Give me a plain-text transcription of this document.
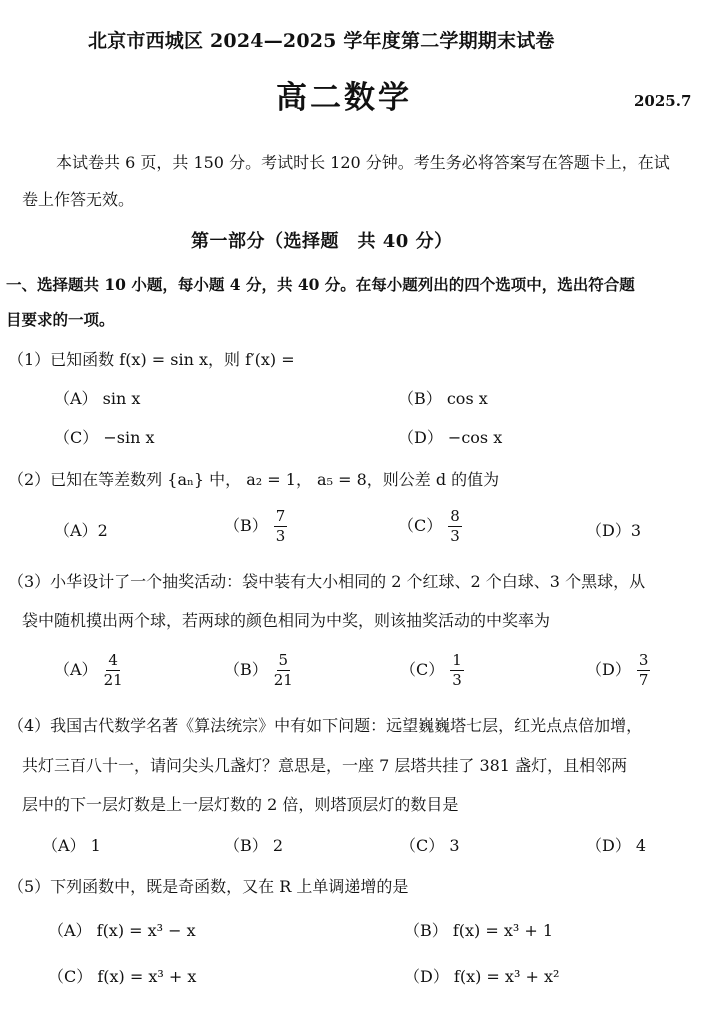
北京市西城区 2024—2025 学年度第二学期期末试卷
高二数学	2025.7
本试卷共 6 页，共 150 分。考试时长 120 分钟。考生务必将答案写在答题卡上，在试
卷上作答无效。
第一部分（选择题　共 40 分）
一、选择题共 10 小题，每小题 4 分，共 40 分。在每小题列出的四个选项中，选出符合题
目要求的一项。
（1）已知函数 f(x) = sin x，则 f′(x) =
（A） sin x	（B） cos x
（C） −sin x	（D） −cos x
（2）已知在等差数列 {aₙ} 中， a₂ = 1， a₅ = 8，则公差 d 的值为
（A）2	$(B) \frac{7}{3}$	$(C) \frac{8}{3}$	（D）3
（3）小华设计了一个抽奖活动：袋中装有大小相同的 2 个红球、2 个白球、3 个黑球，从
袋中随机摸出两个球，若两球的颜色相同为中奖，则该抽奖活动的中奖率为
$(A) \frac{4}{21}$	$(B) \frac{5}{21}$	$(C) \frac{1}{3}$	$(D) \frac{3}{7}$
（4）我国古代数学名著《算法统宗》中有如下问题：远望巍巍塔七层，红光点点倍加增，
共灯三百八十一，请问尖头几盏灯？意思是，一座 7 层塔共挂了 381 盏灯，且相邻两
层中的下一层灯数是上一层灯数的 2 倍，则塔顶层灯的数目是
（A） 1	（B） 2	（C） 3	（D） 4
（5）下列函数中，既是奇函数，又在 R 上单调递增的是
（A） f(x) = x³ − x	（B） f(x) = x³ + 1
（C） f(x) = x³ + x	（D） f(x) = x³ + x²
